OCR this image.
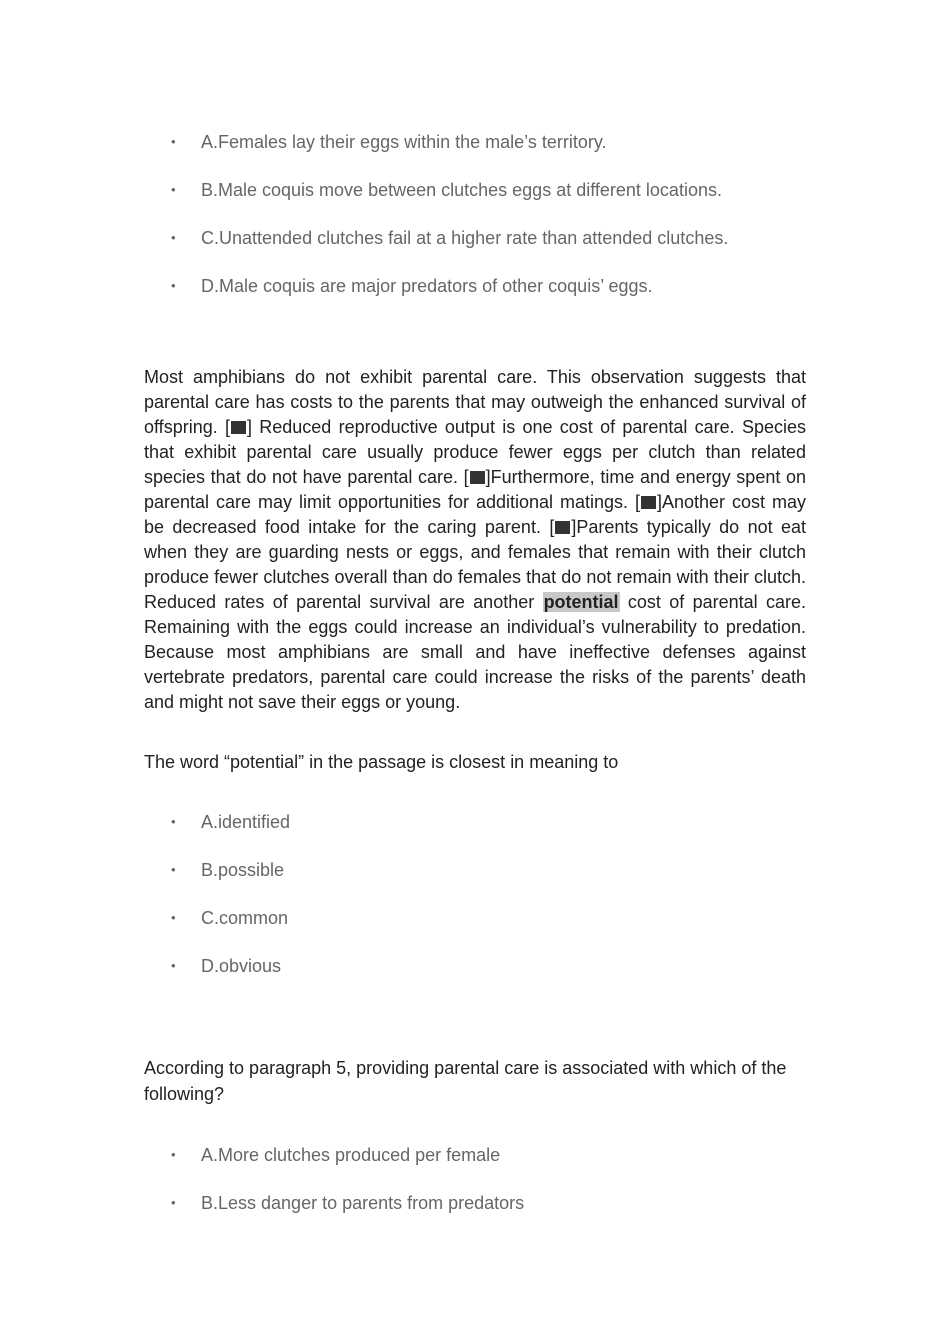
• A.Females lay their eggs within the male’s territory.
• B.Male coquis move between clutches eggs at different locations.
• C.Unattended clutches fail at a higher rate than attended clutches.
• D.Male coquis are major predators of other coquis’ eggs.

Most amphibians do not exhibit parental care. This observation suggests that parental care has costs to the parents that may outweigh the enhanced survival of offspring. [ ] Reduced reproductive output is one cost of parental care. Species that exhibit parental care usually produce fewer eggs per clutch than related species that do not have parental care. [ ]Furthermore, time and energy spent on parental care may limit opportunities for additional matings. [ ]Another cost may be decreased food intake for the caring parent. [ ]Parents typically do not eat when they are guarding nests or eggs, and females that remain with their clutch produce fewer clutches overall than do females that do not remain with their clutch. Reduced rates of parental survival are another potential cost of parental care. Remaining with the eggs could increase an individual’s vulnerability to predation. Because most amphibians are small and have ineffective defenses against vertebrate predators, parental care could increase the risks of the parents’ death and might not save their eggs or young.

The word “potential” in the passage is closest in meaning to
• A.identified
• B.possible
• C.common
• D.obvious
According to paragraph 5, providing parental care is associated with which of the following?
• A.More clutches produced per female
• B.Less danger to parents from predators
